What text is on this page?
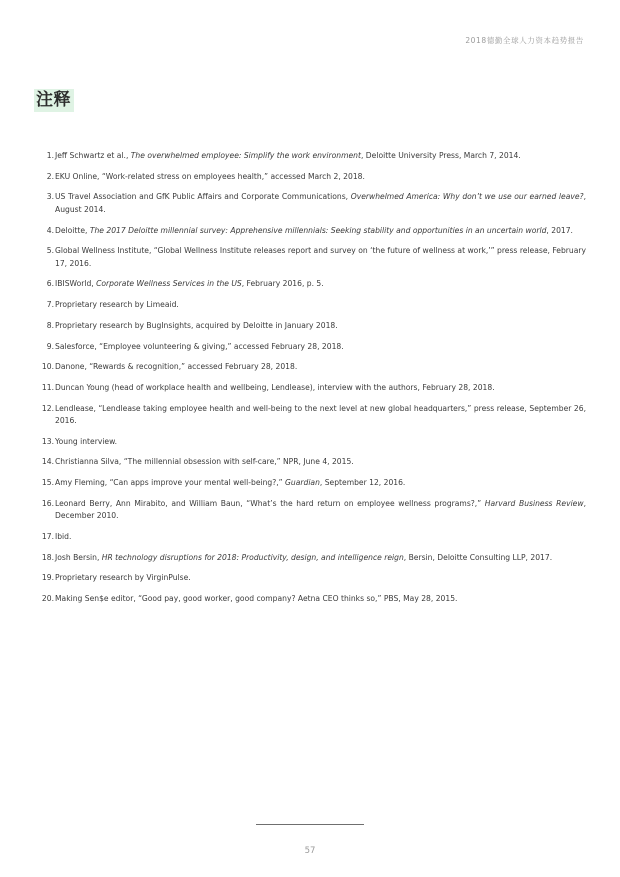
2018德勤全球人力资本趋势报告
注释
1. Jeff Schwartz et al., The overwhelmed employee: Simplify the work environment, Deloitte University Press, March 7, 2014.
2. EKU Online, “Work-related stress on employees health,” accessed March 2, 2018.
3. US Travel Association and GfK Public Affairs and Corporate Communications, Overwhelmed America: Why don’t we use our earned leave?, August 2014.
4. Deloitte, The 2017 Deloitte millennial survey: Apprehensive millennials: Seeking stability and opportunities in an uncertain world, 2017.
5. Global Wellness Institute, “Global Wellness Institute releases report and survey on ‘the future of wellness at work,’” press release, February 17, 2016.
6. IBISWorld, Corporate Wellness Services in the US, February 2016, p. 5.
7. Proprietary research by Limeaid.
8. Proprietary research by BugInsights, acquired by Deloitte in January 2018.
9. Salesforce, “Employee volunteering & giving,” accessed February 28, 2018.
10. Danone, “Rewards & recognition,” accessed February 28, 2018.
11. Duncan Young (head of workplace health and wellbeing, Lendlease), interview with the authors, February 28, 2018.
12. Lendlease, “Lendlease taking employee health and well-being to the next level at new global headquarters,” press release, September 26, 2016.
13. Young interview.
14. Christianna Silva, “The millennial obsession with self-care,” NPR, June 4, 2015.
15. Amy Fleming, “Can apps improve your mental well-being?,” Guardian, September 12, 2016.
16. Leonard Berry, Ann Mirabito, and William Baun, “What’s the hard return on employee wellness programs?,” Harvard Business Review, December 2010.
17. Ibid.
18. Josh Bersin, HR technology disruptions for 2018: Productivity, design, and intelligence reign, Bersin, Deloitte Consulting LLP, 2017.
19. Proprietary research by VirginPulse.
20. Making Sen$e editor, “Good pay, good worker, good company? Aetna CEO thinks so,” PBS, May 28, 2015.
57
